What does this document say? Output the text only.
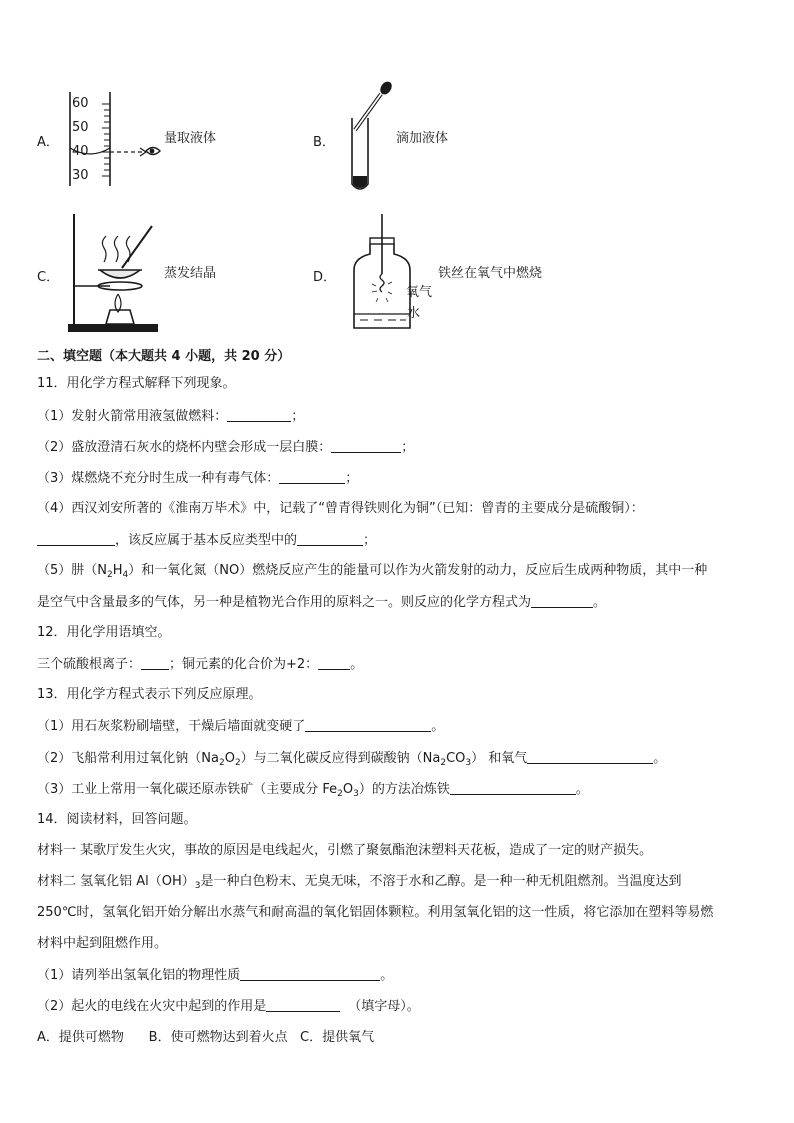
A．
60
50
40
30
量取液体	B．	滴加液体
C．	蒸发结晶	D．	铁丝在氧气中燃烧
氧气
水
二、填空题（本大题共 4 小题，共 20 分）
11．用化学方程式解释下列现象。
（1）发射火箭常用液氢做燃料：	；
（2）盛放澄清石灰水的烧杯内壁会形成一层白膜：	；
（3）煤燃烧不充分时生成一种有毒气体：	；
（4）西汉刘安所著的《淮南万毕术》中，记载了“曾青得铁则化为铜”（已知：曾青的主要成分是硫酸铜）：
，该反应属于基本反应类型中的	；
（5）肼$(N_2H_4)$和一氧化氮（NO）燃烧反应产生的能量可以作为火箭发射的动力，反应后生成两种物质，其中一种
是空气中含量最多的气体，另一种是植物光合作用的原料之一。则反应的化学方程式为	。
12．用化学用语填空。
三个硫酸根离子： ；铜元素的化合价为+2： 。
13．用化学方程式表示下列反应原理。
（1）用石灰浆粉刷墙壁，干燥后墙面就变硬了	。
（2）飞船常利用过氧化钠$(Na_2O_2)$与二氧化碳反应得到碳酸钠$(Na_2CO_3)$ 和氧气	。
（3）工业上常用一氧化碳还原赤铁矿（主要成分 $Fe_2O_3$）的方法冶炼铁	。
14．阅读材料，回答问题。
材料一 某歌厅发生火灾，事故的原因是电线起火，引燃了聚氨酯泡沫塑料天花板，造成了一定的财产损失。
材料二 氢氧化铝 $Al(OH)_3$是一种白色粉末、无臭无味，不溶于水和乙醇。是一种一种无机阻燃剂。当温度达到
250℃时，氢氧化铝开始分解出水蒸气和耐高温的氧化铝固体颗粒。利用氢氧化铝的这一性质，将它添加在塑料等易燃
材料中起到阻燃作用。
（1）请列举出氢氧化铝的物理性质	。
（2）起火的电线在火灾中起到的作用是	（填字母）。
A．提供可燃物      B．使可燃物达到着火点   C．提供氧气
